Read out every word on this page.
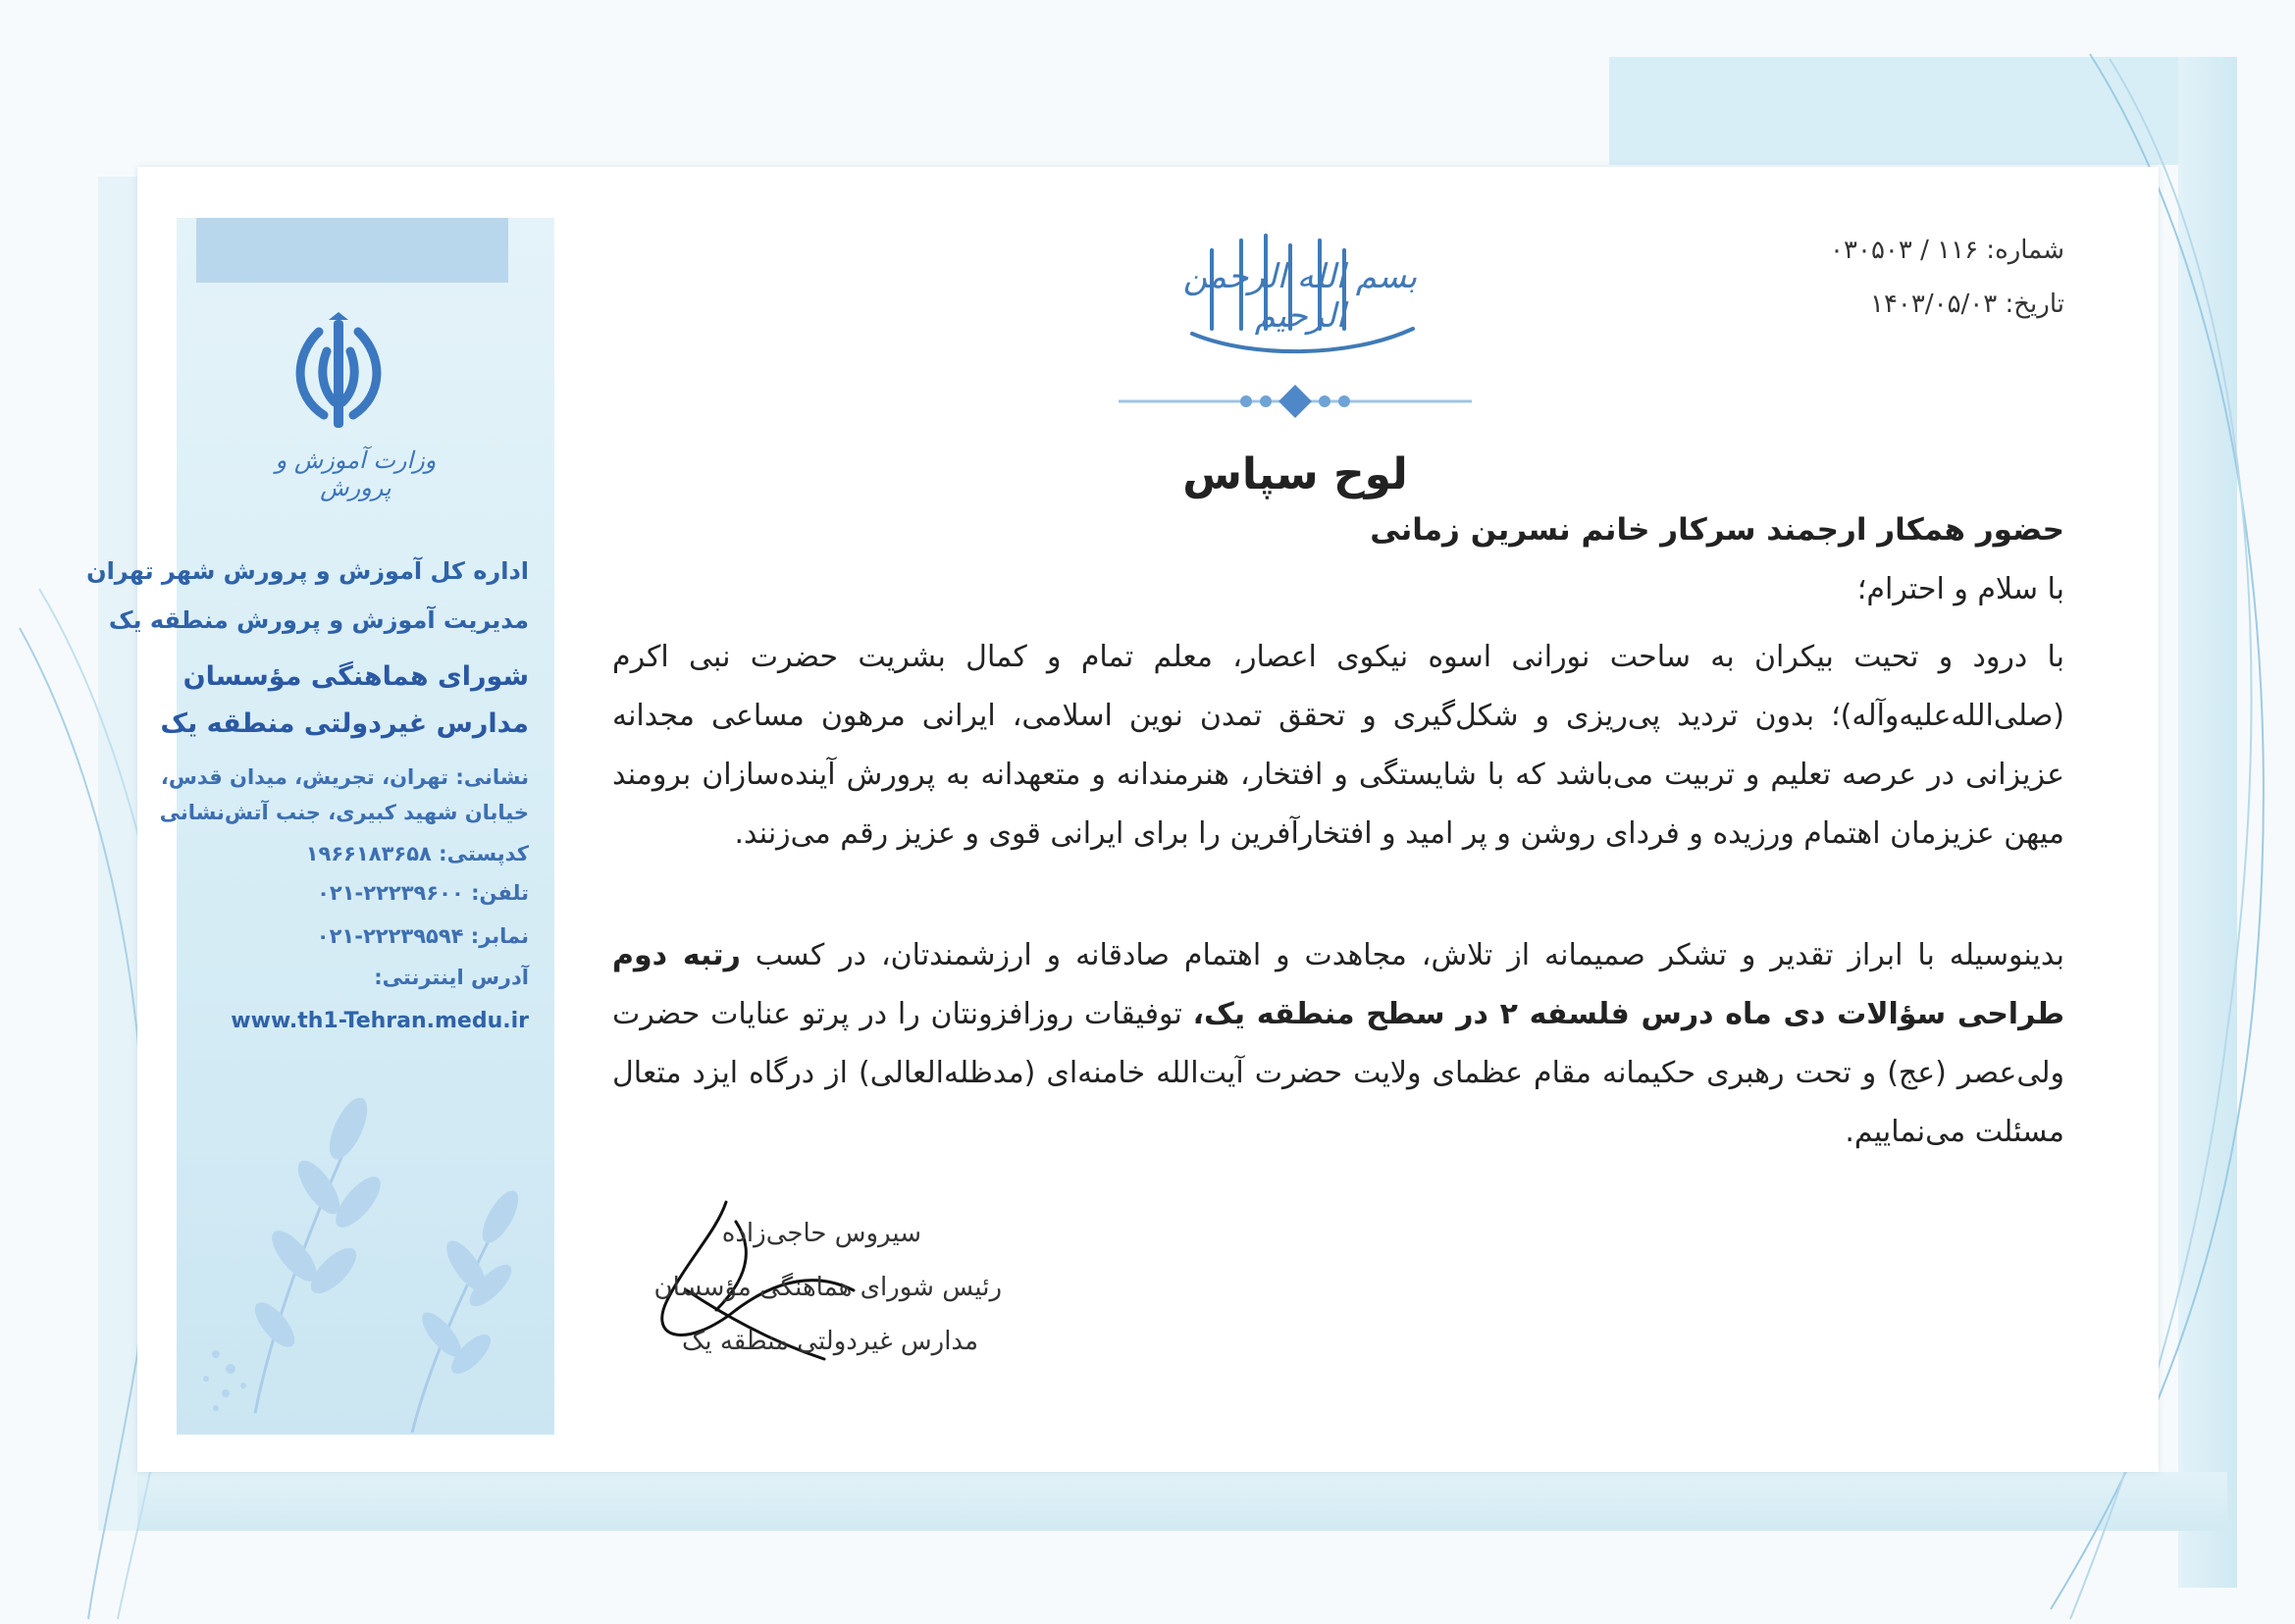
وزارت آموزش و پرورش
اداره کل آموزش و پرورش شهر تهران
مدیریت آموزش و پرورش منطقه یک
شورای هماهنگی مؤسسان
مدارس غیردولتی منطقه یک
نشانی: تهران، تجریش، میدان قدس،
خیابان شهید کبیری، جنب آتش‌نشانی
کدپستی: ۱۹۶۶۱۸۳۶۵۸
تلفن: ۲۲۲۳۹۶۰۰-۰۲۱
نمابر: ۲۲۲۳۹۵۹۴-۰۲۱
آدرس اینترنتی:
www.th1-Tehran.medu.ir
شماره: ۱۱۶ / ۰۳۰۵۰۳
تاریخ: ۱۴۰۳/۰۵/۰۳
بسم الله الرحمن الرحیم
لوح سپاس
حضور همکار ارجمند سرکار خانم نسرین زمانی
با سلام و احترام؛

با درود و تحیت بیکران به ساحت نورانی اسوه نیکوی اعصار، معلم تمام و کمال بشریت حضرت نبی اکرم (صلی‌الله‌علیه‌وآله)؛ بدون تردید پی‌ریزی و شکل‌گیری و تحقق تمدن نوین اسلامی، ایرانی مرهون مساعی مجدانه عزیزانی در عرصه تعلیم و تربیت می‌باشد که با شایستگی و افتخار، هنرمندانه و متعهدانه به پرورش آینده‌سازان برومند میهن عزیزمان اهتمام ورزیده و فردای روشن و پر امید و افتخارآفرین را برای ایرانی قوی و عزیز رقم می‌زنند.

بدینوسیله با ابراز تقدیر و تشکر صمیمانه از تلاش، مجاهدت و اهتمام صادقانه و ارزشمندتان، در کسب رتبه دوم طراحی سؤالات دی ماه درس فلسفه ۲ در سطح منطقه یک، توفیقات روزافزونتان را در پرتو عنایات حضرت ولی‌عصر (عج) و تحت رهبری حکیمانه مقام عظمای ولایت حضرت آیت‌الله خامنه‌ای (مدظله‌العالی) از درگاه ایزد متعال مسئلت می‌نماییم.

سیروس حاجی‌زاده
رئیس شورای هماهنگی مؤسسان
مدارس غیردولتی منطقه یک
